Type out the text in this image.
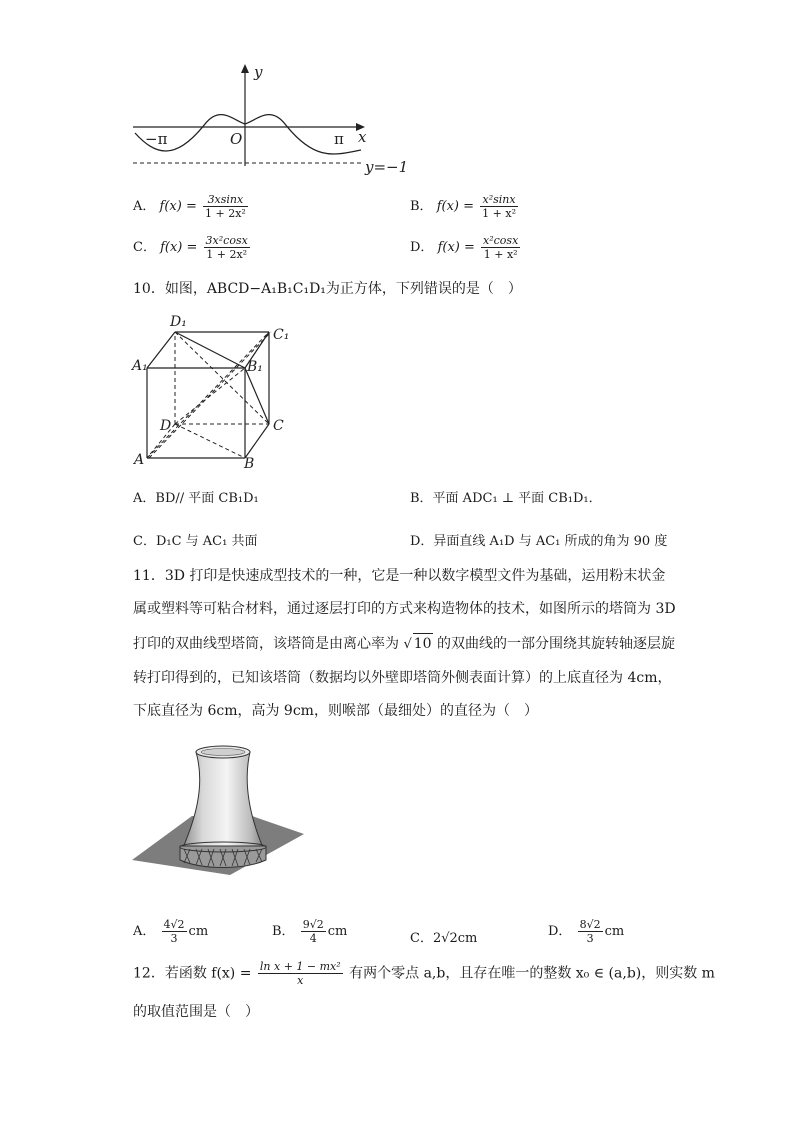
y
x
O
−π	π
y=−1
A． $f(x) = \frac{3xsinx}{\text{1 + 2x²}}$	B． $f(x) = \frac{\text{x²sinx}}{\text{1 + x²}}$
C． $f(x) = \frac{\text{3x²cosx}}{\text{1 + 2x²}}$	D． $f(x) = \frac{\text{x²cosx}}{\text{1 + x²}}$
10．如图，ABCD−A₁B₁C₁D₁为正方体，下列错误的是（　）
D₁
C₁
A₁	B₁
D	C
A	B
A．BD// 平面 CB₁D₁	B．平面 ADC₁ ⊥ 平面 CB₁D₁．
C．D₁C 与 AC₁ 共面	D．异面直线 A₁D 与 AC₁ 所成的角为 90 度
11．3D 打印是快速成型技术的一种，它是一种以数字模型文件为基础，运用粉末状金
属或塑料等可粘合材料，通过逐层打印的方式来构造物体的技术，如图所示的塔筒为 3D
打印的双曲线型塔筒，该塔筒是由离心率为 √ 10 的双曲线的一部分围绕其旋转轴逐层旋
转打印得到的，已知该塔筒（数据均以外壁即塔筒外侧表面计算）的上底直径为 4cm，
下底直径为 6cm，高为 9cm，则喉部（最细处）的直径为（　）
A． $\frac{4√2}{3}$ cm	B． $\frac{9√2}{4}$ cm	C．2√2cm	D． $\frac{8√2}{3}$ cm
12．若函数 $f(x) = \frac{\text{ln x + 1 − mx²}}{x}$ 有两个零点 a,b，且存在唯一的整数 x₀ ∈ (a,b)，则实数 m
的取值范围是（　）
